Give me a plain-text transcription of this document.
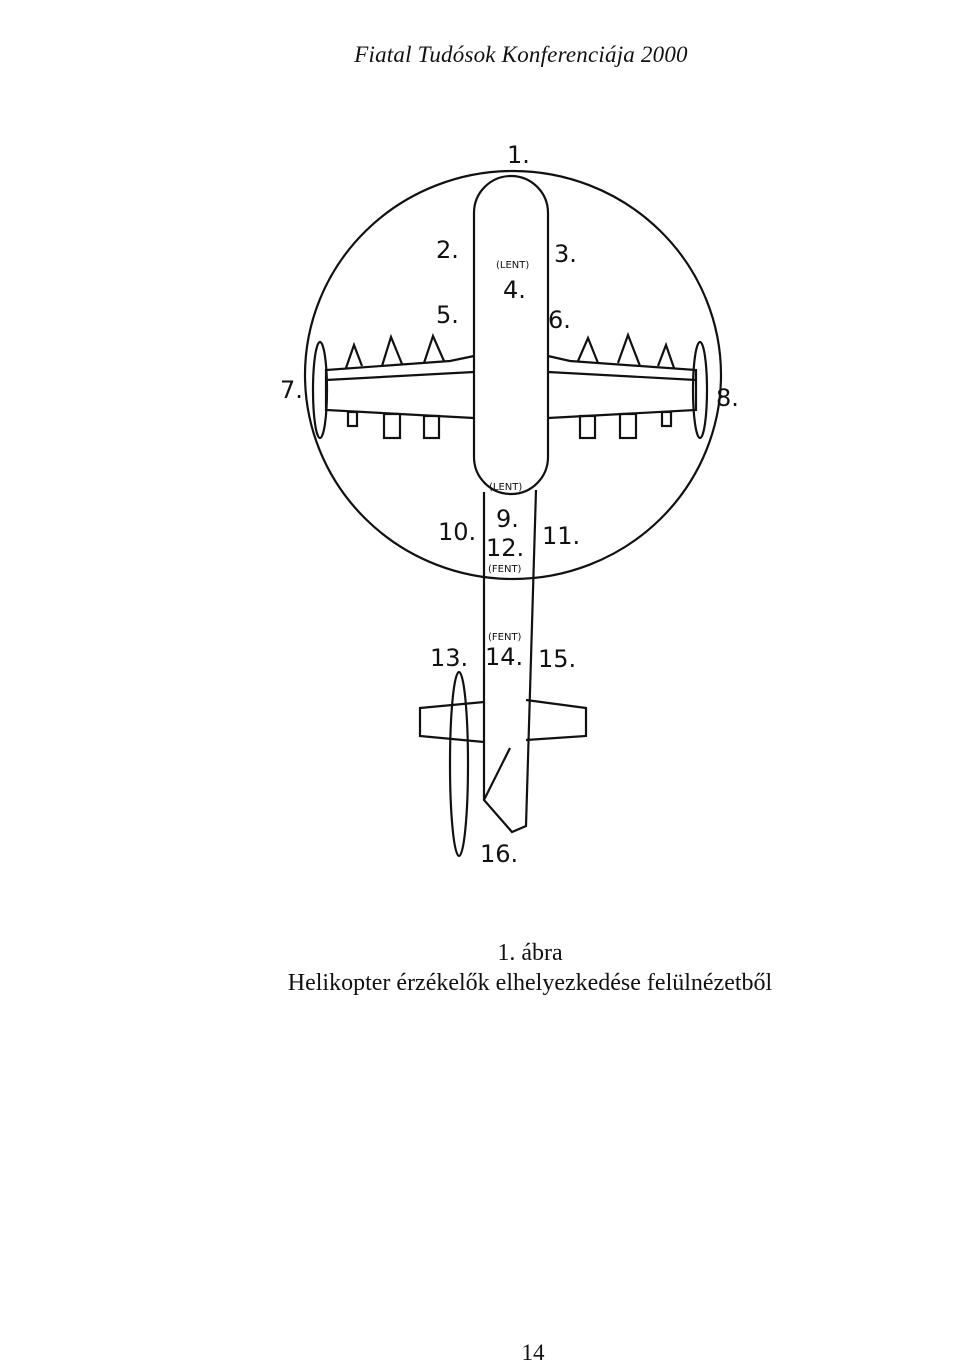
Fiatal Tudósok Konferenciája 2000
1.
2.	3.
4.
5.	6.
7.	8.
9.
10.	11.
12.
13. 14. 15.
16.
(LENT)
(LENT)
(FENT)
(FENT)
1. ábra
Helikopter érzékelők elhelyezkedése felülnézetből
14
